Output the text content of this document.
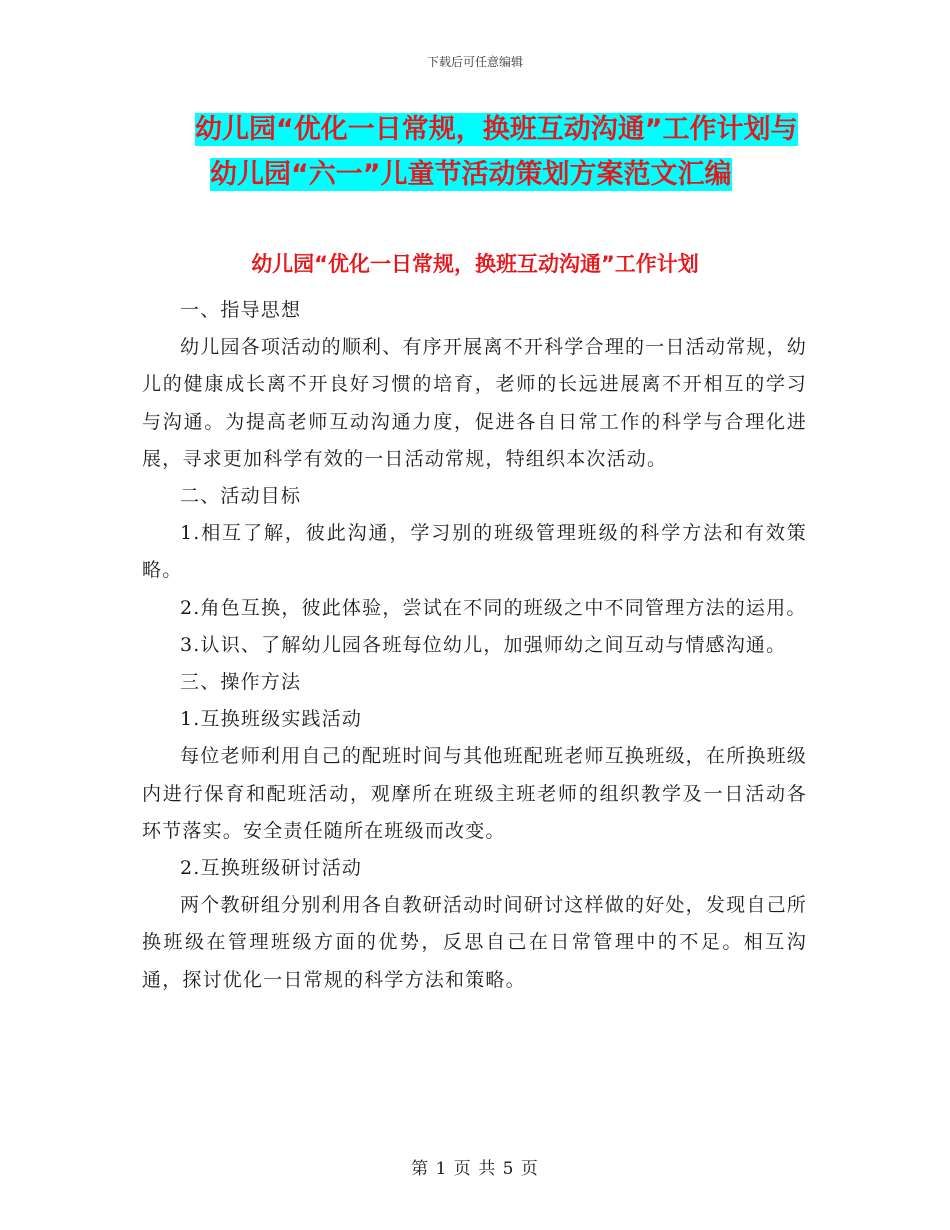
下载后可任意编辑
幼儿园“优化一日常规，换班互动沟通”工作计划与
幼儿园“六一”儿童节活动策划方案范文汇编
幼儿园“优化一日常规，换班互动沟通”工作计划

一、指导思想

幼儿园各项活动的顺利、有序开展离不开科学合理的一日活动常规，幼儿的健康成长离不开良好习惯的培育，老师的长远进展离不开相互的学习与沟通。为提高老师互动沟通力度，促进各自日常工作的科学与合理化进展，寻求更加科学有效的一日活动常规，特组织本次活动。

二、活动目标

1.相互了解，彼此沟通，学习别的班级管理班级的科学方法和有效策略。

2.角色互换，彼此体验，尝试在不同的班级之中不同管理方法的运用。

3.认识、了解幼儿园各班每位幼儿，加强师幼之间互动与情感沟通。

三、操作方法

1.互换班级实践活动

每位老师利用自己的配班时间与其他班配班老师互换班级，在所换班级内进行保育和配班活动，观摩所在班级主班老师的组织教学及一日活动各环节落实。安全责任随所在班级而改变。

2.互换班级研讨活动

两个教研组分别利用各自教研活动时间研讨这样做的好处，发现自己所换班级在管理班级方面的优势，反思自己在日常管理中的不足。相互沟通，探讨优化一日常规的科学方法和策略。

第 1 页 共 5 页
